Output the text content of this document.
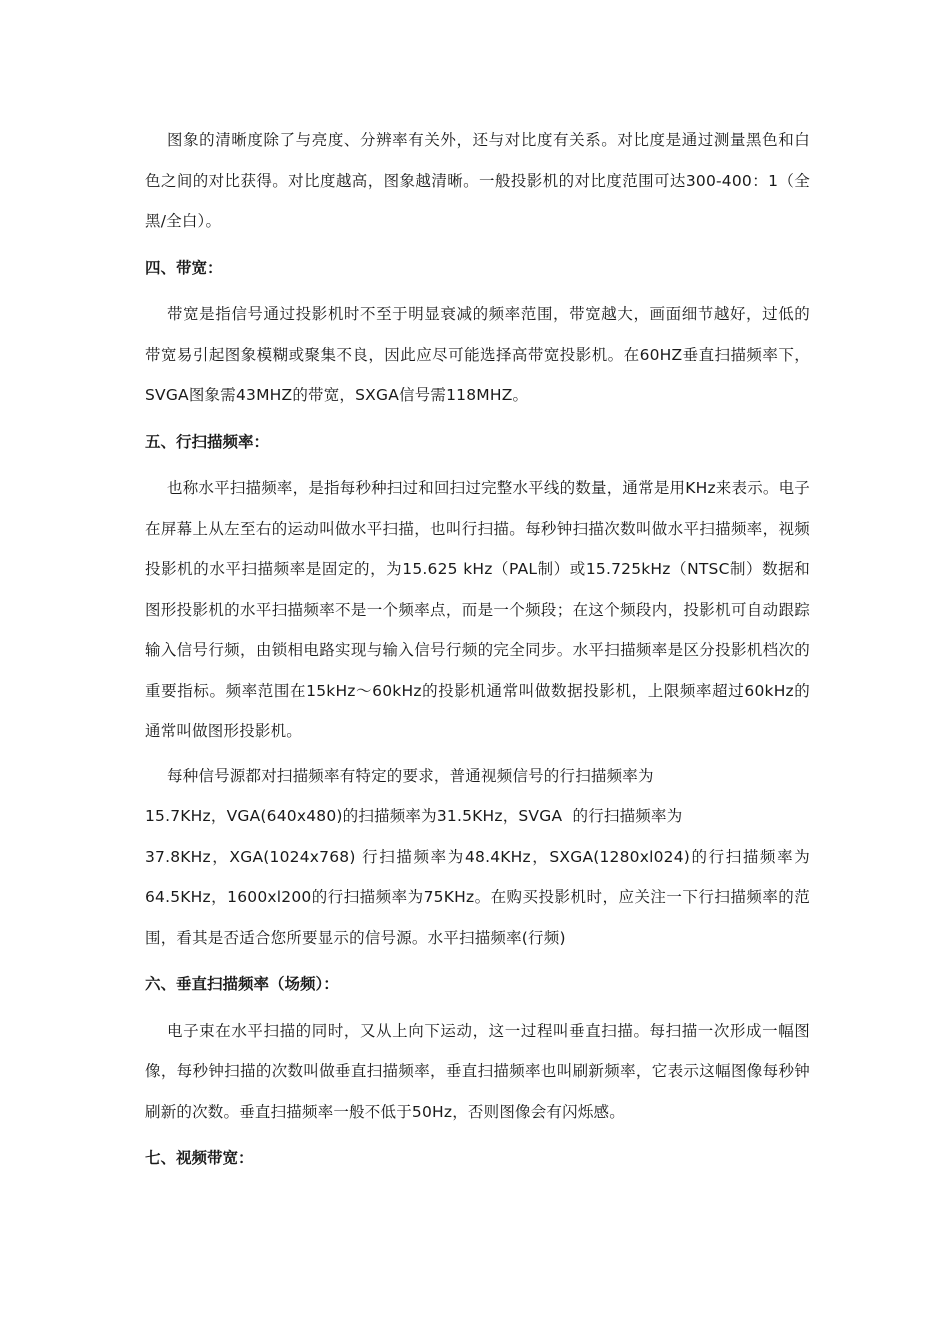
图象的清晰度除了与亮度、分辨率有关外，还与对比度有关系。对比度是通过测量黑色和白色之间的对比获得。对比度越高，图象越清晰。一般投影机的对比度范围可达300-400：1（全黑/全白）。

四、带宽：

带宽是指信号通过投影机时不至于明显衰减的频率范围，带宽越大，画面细节越好，过低的带宽易引起图象模糊或聚集不良，因此应尽可能选择高带宽投影机。在60HZ垂直扫描频率下，SVGA图象需43MHZ的带宽，SXGA信号需118MHZ。

五、行扫描频率：

也称水平扫描频率，是指每秒种扫过和回扫过完整水平线的数量，通常是用KHz来表示。电子在屏幕上从左至右的运动叫做水平扫描，也叫行扫描。每秒钟扫描次数叫做水平扫描频率，视频投影机的水平扫描频率是固定的，为15.625 kHz（PAL制）或15.725kHz（NTSC制）数据和图形投影机的水平扫描频率不是一个频率点，而是一个频段；在这个频段内，投影机可自动跟踪输入信号行频，由锁相电路实现与输入信号行频的完全同步。水平扫描频率是区分投影机档次的重要指标。频率范围在15kHz～60kHz的投影机通常叫做数据投影机，上限频率超过60kHz的通常叫做图形投影机。

每种信号源都对扫描频率有特定的要求，普通视频信号的行扫描频率为

15.7KHz，VGA(640x480)的扫描频率为31.5KHz，SVGA  的行扫描频率为

37.8KHz，XGA(1024x768) 行扫描频率为48.4KHz，SXGA(1280xl024)的行扫描频率为64.5KHz，1600xl200的行扫描频率为75KHz。在购买投影机时，应关注一下行扫描频率的范围，看其是否适合您所要显示的信号源。水平扫描频率(行频)

六、垂直扫描频率（场频）：

电子束在水平扫描的同时，又从上向下运动，这一过程叫垂直扫描。每扫描一次形成一幅图像，每秒钟扫描的次数叫做垂直扫描频率，垂直扫描频率也叫刷新频率，它表示这幅图像每秒钟刷新的次数。垂直扫描频率一般不低于50Hz，否则图像会有闪烁感。

七、视频带宽：
